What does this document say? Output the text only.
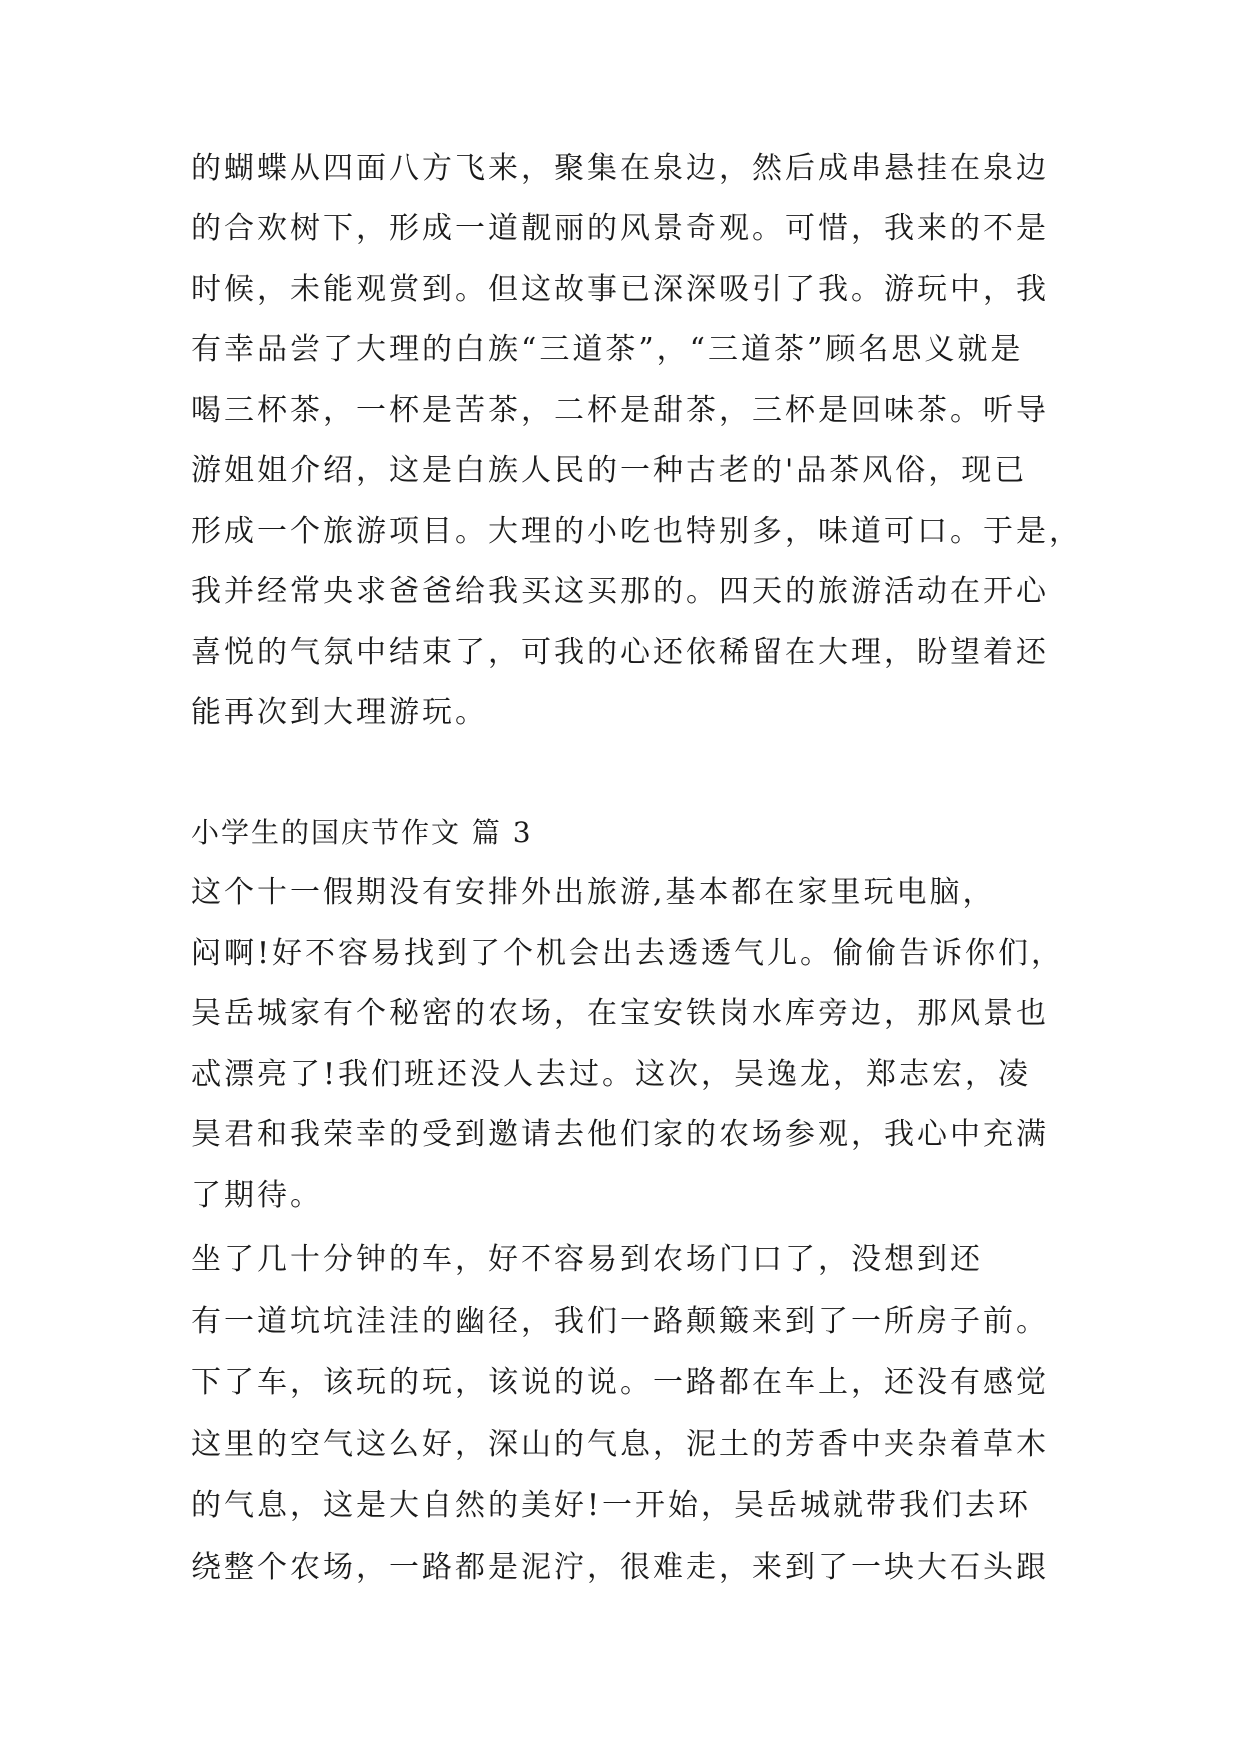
的蝴蝶从四面八方飞来，聚集在泉边，然后成串悬挂在泉边
的合欢树下，形成一道靓丽的风景奇观。可惜，我来的不是
时候，未能观赏到。但这故事已深深吸引了我。游玩中，我
有幸品尝了大理的白族“三道茶”，“三道茶”顾名思义就是
喝三杯茶，一杯是苦茶，二杯是甜茶，三杯是回味茶。听导
游姐姐介绍，这是白族人民的一种古老的'品茶风俗，现已
形成一个旅游项目。大理的小吃也特别多，味道可口。于是，
我并经常央求爸爸给我买这买那的。四天的旅游活动在开心
喜悦的气氛中结束了，可我的心还依稀留在大理，盼望着还
能再次到大理游玩。
小学生的国庆节作文 篇 3
这个十一假期没有安排外出旅游,基本都在家里玩电脑，
闷啊!好不容易找到了个机会出去透透气儿。偷偷告诉你们，
吴岳城家有个秘密的农场，在宝安铁岗水库旁边，那风景也
忒漂亮了!我们班还没人去过。这次，吴逸龙，郑志宏，凌
昊君和我荣幸的受到邀请去他们家的农场参观，我心中充满
了期待。
坐了几十分钟的车，好不容易到农场门口了，没想到还
有一道坑坑洼洼的幽径，我们一路颠簸来到了一所房子前。
下了车，该玩的玩，该说的说。一路都在车上，还没有感觉
这里的空气这么好，深山的气息，泥土的芳香中夹杂着草木
的气息，这是大自然的美好!一开始，吴岳城就带我们去环
绕整个农场，一路都是泥泞，很难走，来到了一块大石头跟
